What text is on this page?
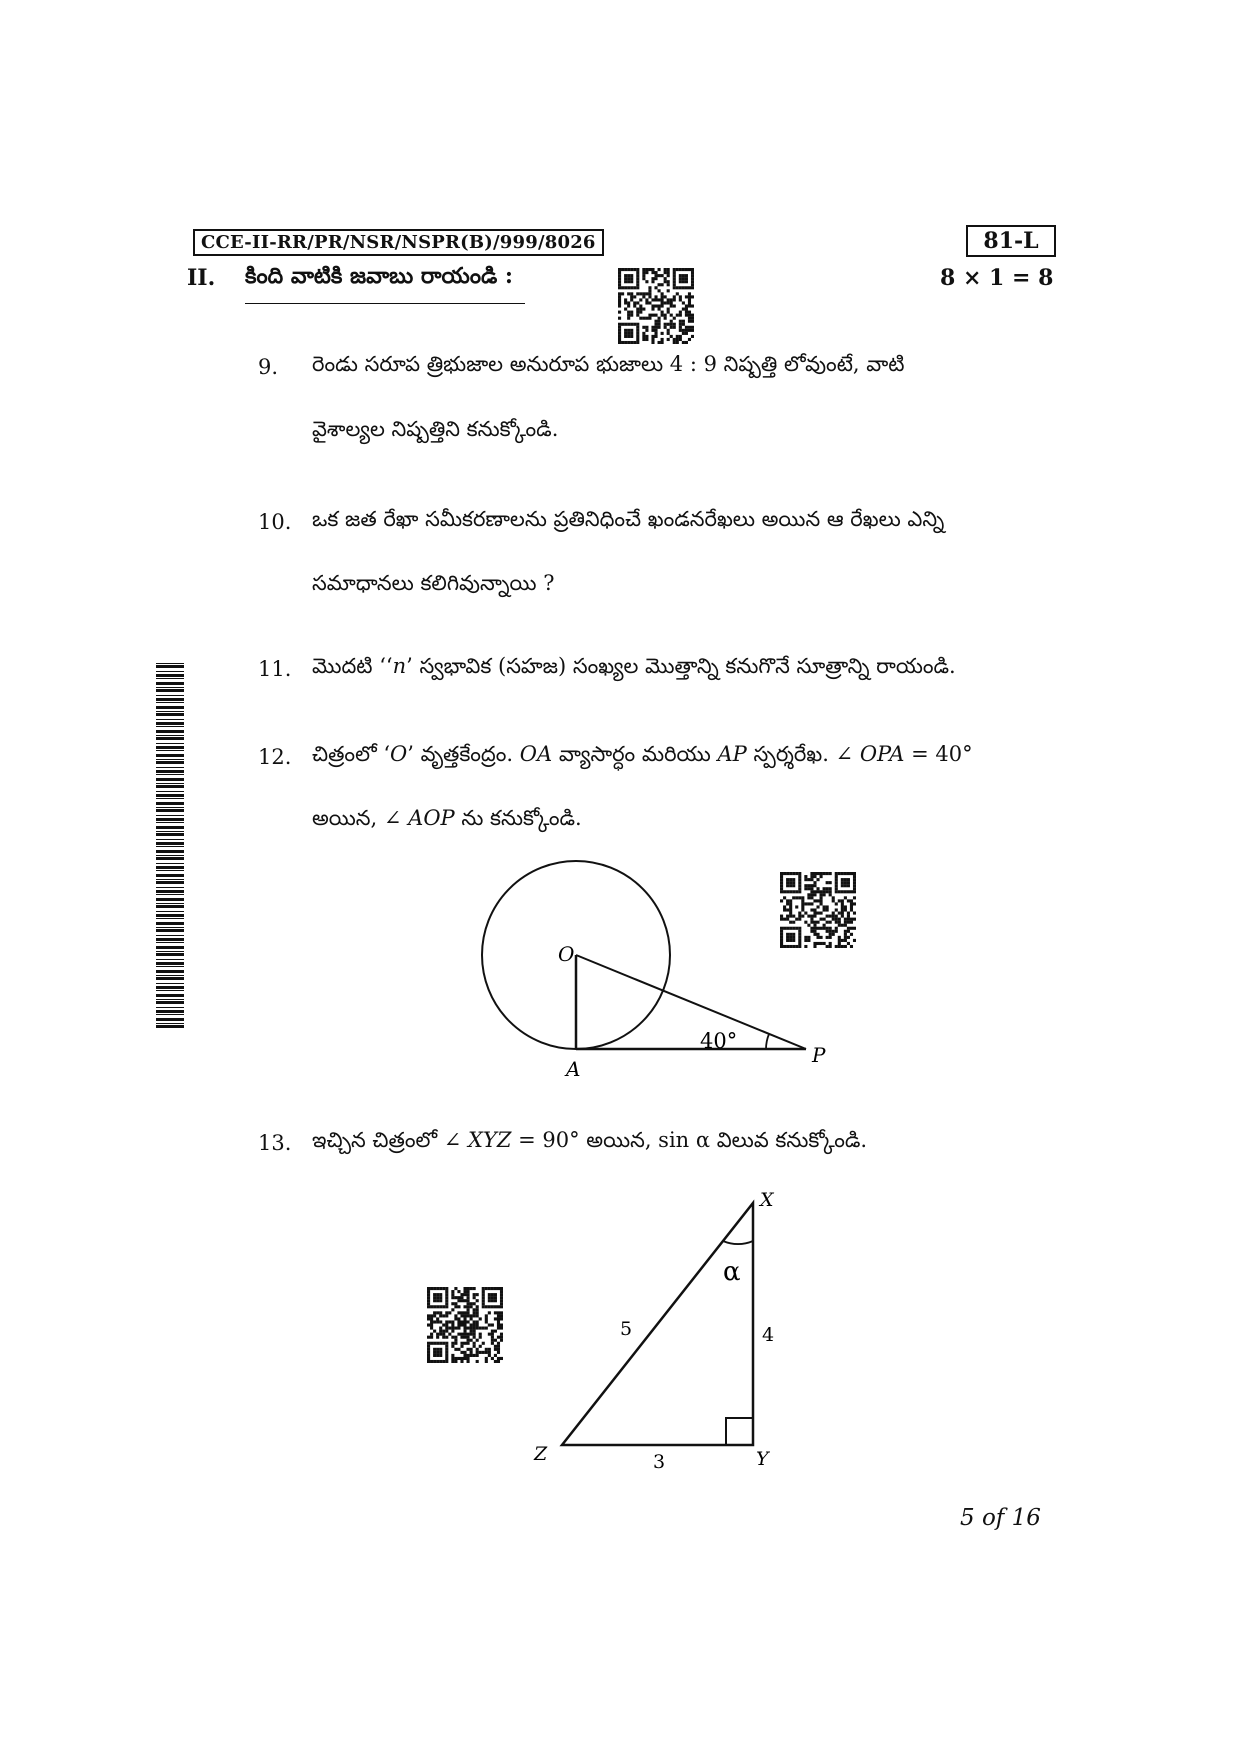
CCE-II-RR/PR/NSR/NSPR(B)/999/8026	81-L
II. కింది వాటికి జవాబు రాయండి :	8 × 1 = 8
9. రెండు సరూప త్రిభుజాల అనురూప భుజాలు 4 : 9 నిష్పత్తి లోవుంటే, వాటి
వైశాల్యల నిష్పత్తిని కనుక్కోండి.
10. ఒక జత రేఖా సమీకరణాలను ప్రతినిధించే ఖండనరేఖలు అయిన ఆ రేఖలు ఎన్ని
సమాధానలు కలిగివున్నాయి ?
11. మొదటి ‘‘n’ స్వభావిక (సహజ) సంఖ్యల మొత్తాన్ని కనుగొనే సూత్రాన్ని రాయండి.
12. చిత్రంలో ‘O’ వృత్తకేంద్రం. OA వ్యాసార్ధం మరియు AP స్పర్శరేఖ. ∠ OPA = 40°
అయిన, ∠ AOP ను కనుక్కోండి.
O
A
P
40°
13. ఇచ్చిన చిత్రంలో ∠ XYZ = 90° అయిన, sin α విలువ కనుక్కోండి.
X
Y
Z
α
5	4
3
5 of 16
